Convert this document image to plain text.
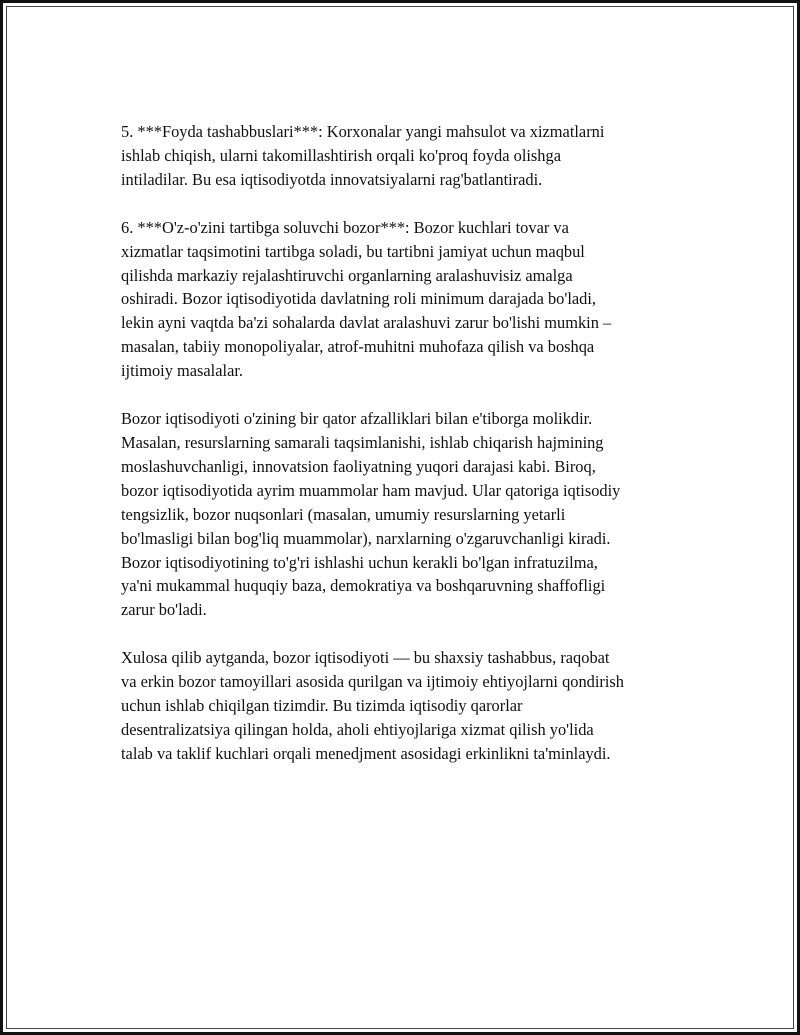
5. ***Foyda tashabbuslari***: Korxonalar yangi mahsulot va xizmatlarni
ishlab chiqish, ularni takomillashtirish orqali ko'proq foyda olishga
intiladilar. Bu esa iqtisodiyotda innovatsiyalarni rag'batlantiradi.

6. ***O'z-o'zini tartibga soluvchi bozor***: Bozor kuchlari tovar va
xizmatlar taqsimotini tartibga soladi, bu tartibni jamiyat uchun maqbul
qilishda markaziy rejalashtiruvchi organlarning aralashuvisiz amalga
oshiradi. Bozor iqtisodiyotida davlatning roli minimum darajada bo'ladi,
lekin ayni vaqtda ba'zi sohalarda davlat aralashuvi zarur bo'lishi mumkin –
masalan, tabiiy monopoliyalar, atrof-muhitni muhofaza qilish va boshqa
ijtimoiy masalalar.

Bozor iqtisodiyoti o'zining bir qator afzalliklari bilan e'tiborga molikdir.
Masalan, resurslarning samarali taqsimlanishi, ishlab chiqarish hajmining
moslashuvchanligi, innovatsion faoliyatning yuqori darajasi kabi. Biroq,
bozor iqtisodiyotida ayrim muammolar ham mavjud. Ular qatoriga iqtisodiy
tengsizlik, bozor nuqsonlari (masalan, umumiy resurslarning yetarli
bo'lmasligi bilan bog'liq muammolar), narxlarning o'zgaruvchanligi kiradi.
Bozor iqtisodiyotining to'g'ri ishlashi uchun kerakli bo'lgan infratuzilma,
ya'ni mukammal huquqiy baza, demokratiya va boshqaruvning shaffofligi
zarur bo'ladi.

Xulosa qilib aytganda, bozor iqtisodiyoti — bu shaxsiy tashabbus, raqobat
va erkin bozor tamoyillari asosida qurilgan va ijtimoiy ehtiyojlarni qondirish
uchun ishlab chiqilgan tizimdir. Bu tizimda iqtisodiy qarorlar
desentralizatsiya qilingan holda, aholi ehtiyojlariga xizmat qilish yo'lida
talab va taklif kuchlari orqali menedjment asosidagi erkinlikni ta'minlaydi.
